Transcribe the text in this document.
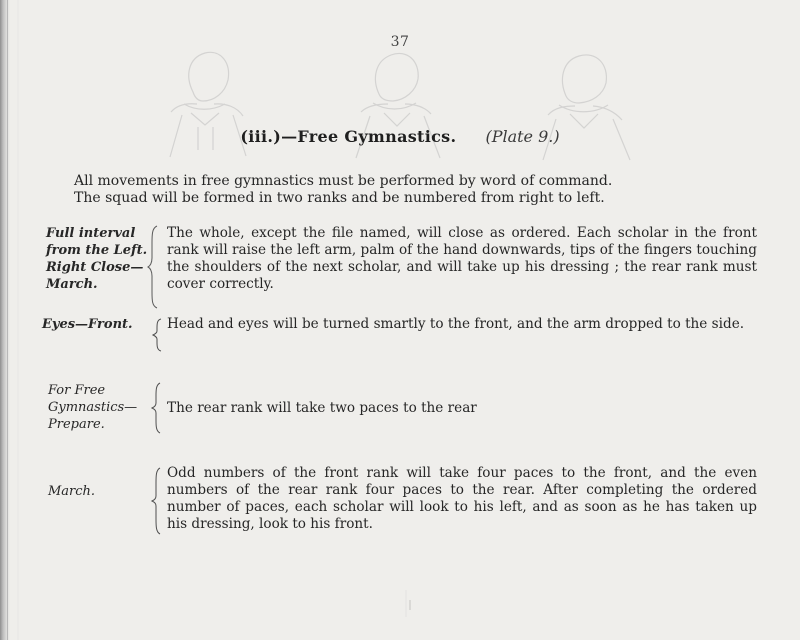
37
(iii.)—Free Gymnastics. (Plate 9.)
All movements in free gymnastics must be performed by word of command.
The squad will be formed in two ranks and be numbered from right to left.
Full interval
from the Left.
Right Close—
March.
The whole, except the file named, will close as ordered. Each scholar in the front rank will raise the left arm, palm of the hand downwards, tips of the fingers touching the shoulders of the next scholar, and will take up his dressing ; the rear rank must cover correctly.
Eyes—Front.	Head and eyes will be turned smartly to the front, and the arm dropped to the side.
For Free
Gymnastics—
Prepare.
The rear rank will take two paces to the rear
March.
Odd numbers of the front rank will take four paces to the front, and the even numbers of the rear rank four paces to the rear. After completing the ordered number of paces, each scholar will look to his left, and as soon as he has taken up his dressing, look to his front.
